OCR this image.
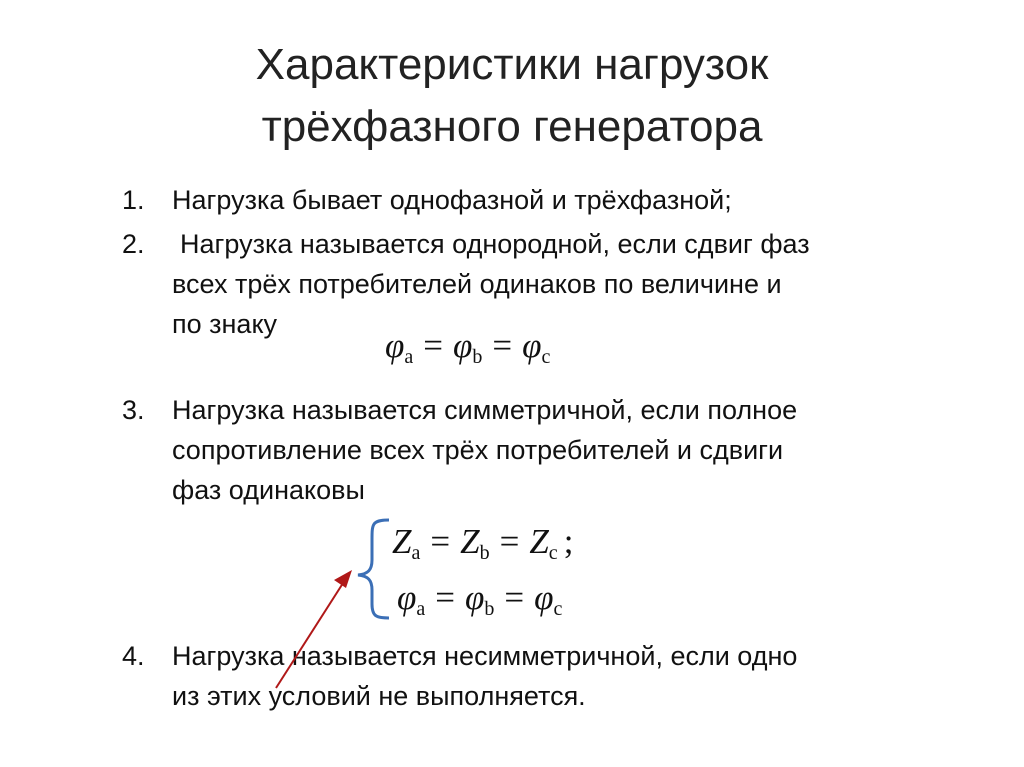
Характеристики нагрузок
трёхфазного генератора
1. Нагрузка бывает однофазной и трёхфазной;
2. Нагрузка называется однородной, если сдвиг фаз
всех трёх потребителей одинаков по величине и
по знаку
$\varphi_a = \varphi_b = \varphi_c$
3. Нагрузка называется симметричной, если полное
сопротивление всех трёх потребителей и сдвиги
фаз одинаковы
$Z_a = Z_b = Z_c$ ;
$\varphi_a = \varphi_b = \varphi_c$
4. Нагрузка называется несимметричной, если одно
из этих условий не выполняется.
